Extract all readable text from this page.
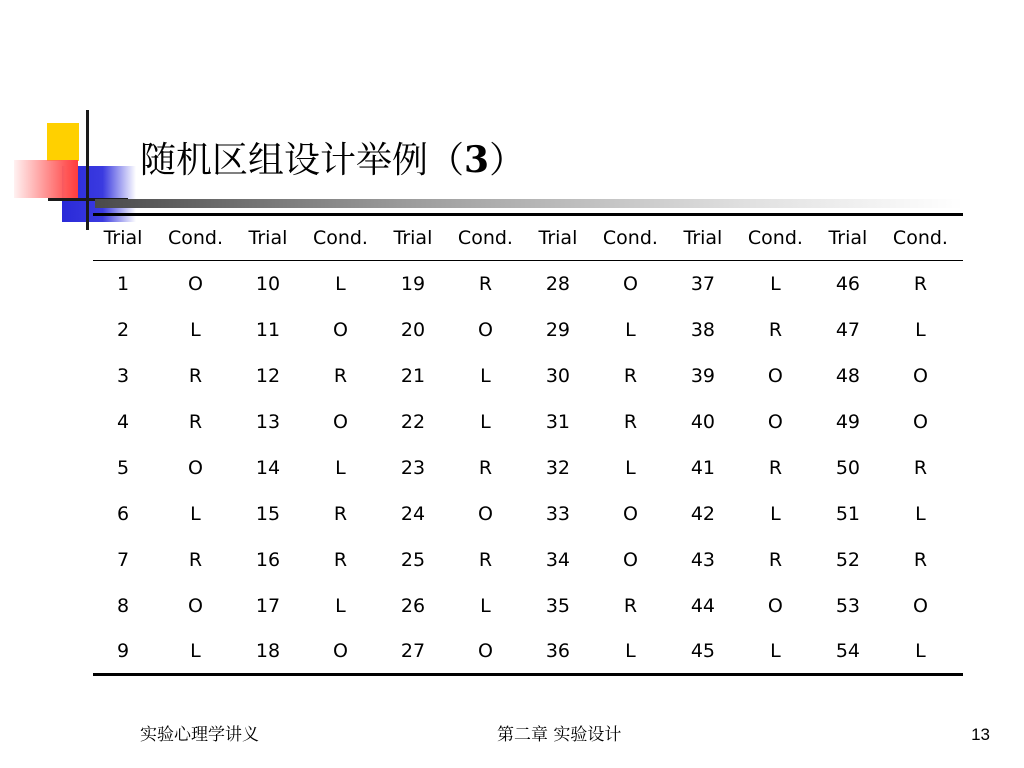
随机区组设计举例（3）
Trial	Cond.	Trial	Cond.	Trial	Cond.	Trial	Cond.	Trial	Cond.	Trial	Cond.
1	O	10	L	19	R	28	O	37	L	46	R
2	L	11	O	20	O	29	L	38	R	47	L
3	R	12	R	21	L	30	R	39	O	48	O
4	R	13	O	22	L	31	R	40	O	49	O
5	O	14	L	23	R	32	L	41	R	50	R
6	L	15	R	24	O	33	O	42	L	51	L
7	R	16	R	25	R	34	O	43	R	52	R
8	O	17	L	26	L	35	R	44	O	53	O
9	L	18	O	27	O	36	L	45	L	54	L
实验心理学讲义	第二章 实验设计	13
